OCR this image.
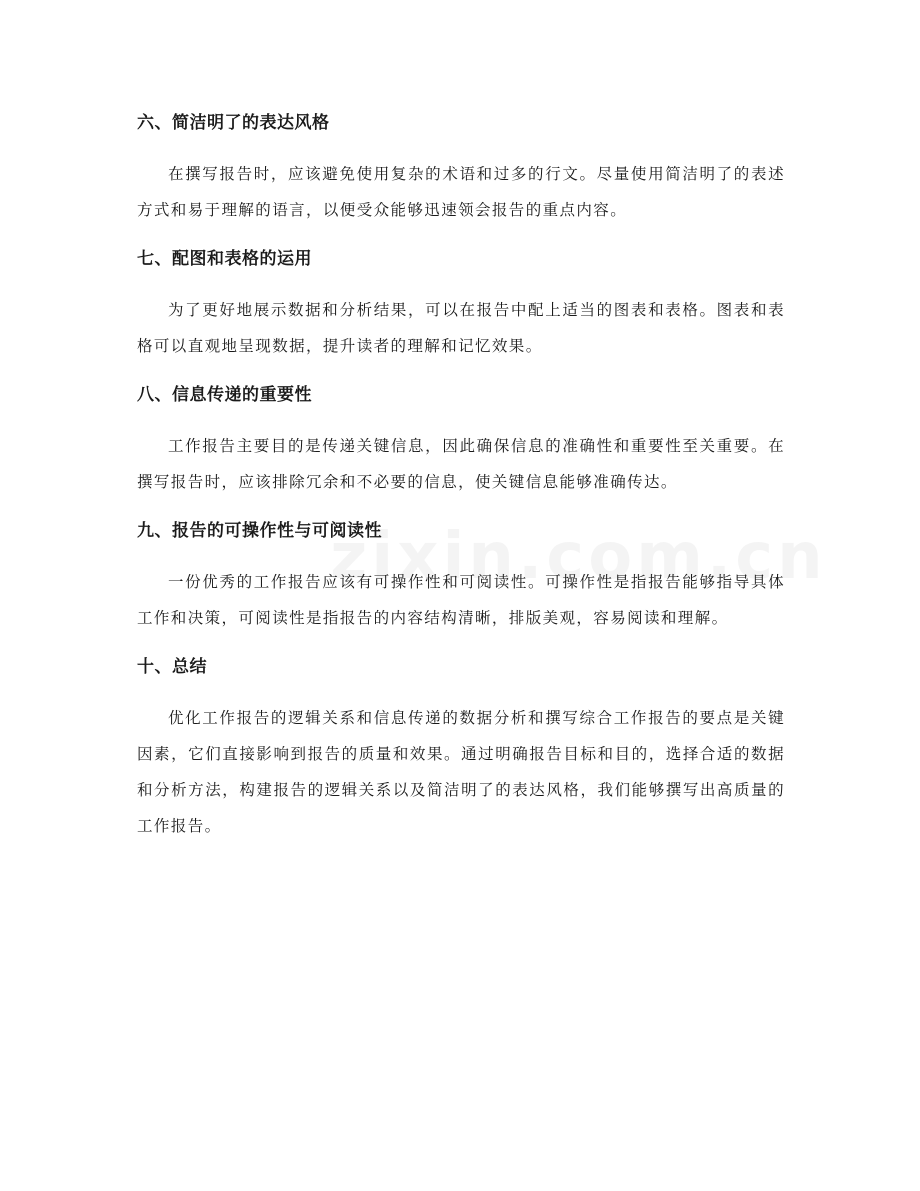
六、简洁明了的表达风格

在撰写报告时，应该避免使用复杂的术语和过多的行文。尽量使用简洁明了的表述方式和易于理解的语言，以便受众能够迅速领会报告的重点内容。

七、配图和表格的运用

为了更好地展示数据和分析结果，可以在报告中配上适当的图表和表格。图表和表格可以直观地呈现数据，提升读者的理解和记忆效果。

八、信息传递的重要性

工作报告主要目的是传递关键信息，因此确保信息的准确性和重要性至关重要。在撰写报告时，应该排除冗余和不必要的信息，使关键信息能够准确传达。

九、报告的可操作性与可阅读性

一份优秀的工作报告应该有可操作性和可阅读性。可操作性是指报告能够指导具体工作和决策，可阅读性是指报告的内容结构清晰，排版美观，容易阅读和理解。

十、总结

优化工作报告的逻辑关系和信息传递的数据分析和撰写综合工作报告的要点是关键因素，它们直接影响到报告的质量和效果。通过明确报告目标和目的，选择合适的数据和分析方法，构建报告的逻辑关系以及简洁明了的表达风格，我们能够撰写出高质量的工作报告。
